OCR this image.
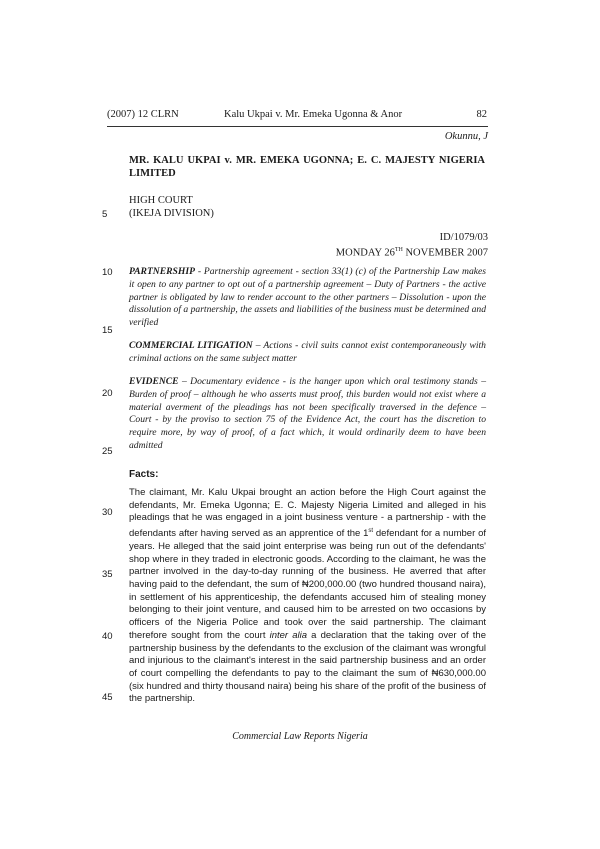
(2007) 12 CLRN	Kalu Ukpai v. Mr. Emeka Ugonna & Anor	82
Okunnu, J
MR. KALU UKPAI v. MR. EMEKA UGONNA; E. C. MAJESTY NIGERIA LIMITED
HIGH COURT
(IKEJA DIVISION)
ID/1079/03
MONDAY 26TH NOVEMBER 2007
5
10
15
20
25
30
35
40
45
PARTNERSHIP - Partnership agreement - section 33(1) (c) of the Partnership Law makes it open to any partner to opt out of a partnership agreement – Duty of Partners - the active partner is obligated by law to render account to the other partners – Dissolution - upon the dissolution of a partnership, the assets and liabilities of the business must be determined and verified
COMMERCIAL LITIGATION – Actions - civil suits cannot exist contemporaneously with criminal actions on the same subject matter
EVIDENCE – Documentary evidence - is the hanger upon which oral testimony stands – Burden of proof – although he who asserts must proof, this burden would not exist where a material averment of the pleadings has not been specifically traversed in the defence – Court - by the proviso to section 75 of the Evidence Act, the court has the discretion to require more, by way of proof, of a fact which, it would ordinarily deem to have been admitted
Facts:
The claimant, Mr. Kalu Ukpai brought an action before the High Court against the defendants, Mr. Emeka Ugonna; E. C. Majesty Nigeria Limited and alleged in his pleadings that he was engaged in a joint business venture - a partnership - with the defendants after having served as an apprentice of the 1st defendant for a number of years. He alleged that the said joint enterprise was being run out of the defendants' shop where in they traded in electronic goods. According to the claimant, he was the partner involved in the day-to-day running of the business. He averred that after having paid to the defendant, the sum of ₦200,000.00 (two hundred thousand naira), in settlement of his apprenticeship, the defendants accused him of stealing money belonging to their joint venture, and caused him to be arrested on two occasions by officers of the Nigeria Police and took over the said partnership. The claimant therefore sought from the court inter alia a declaration that the taking over of the partnership business by the defendants to the exclusion of the claimant was wrongful and injurious to the claimant's interest in the said partnership business and an order of court compelling the defendants to pay to the claimant the sum of ₦630,000.00 (six hundred and thirty thousand naira) being his share of the profit of the business of the partnership.
Commercial Law Reports Nigeria
